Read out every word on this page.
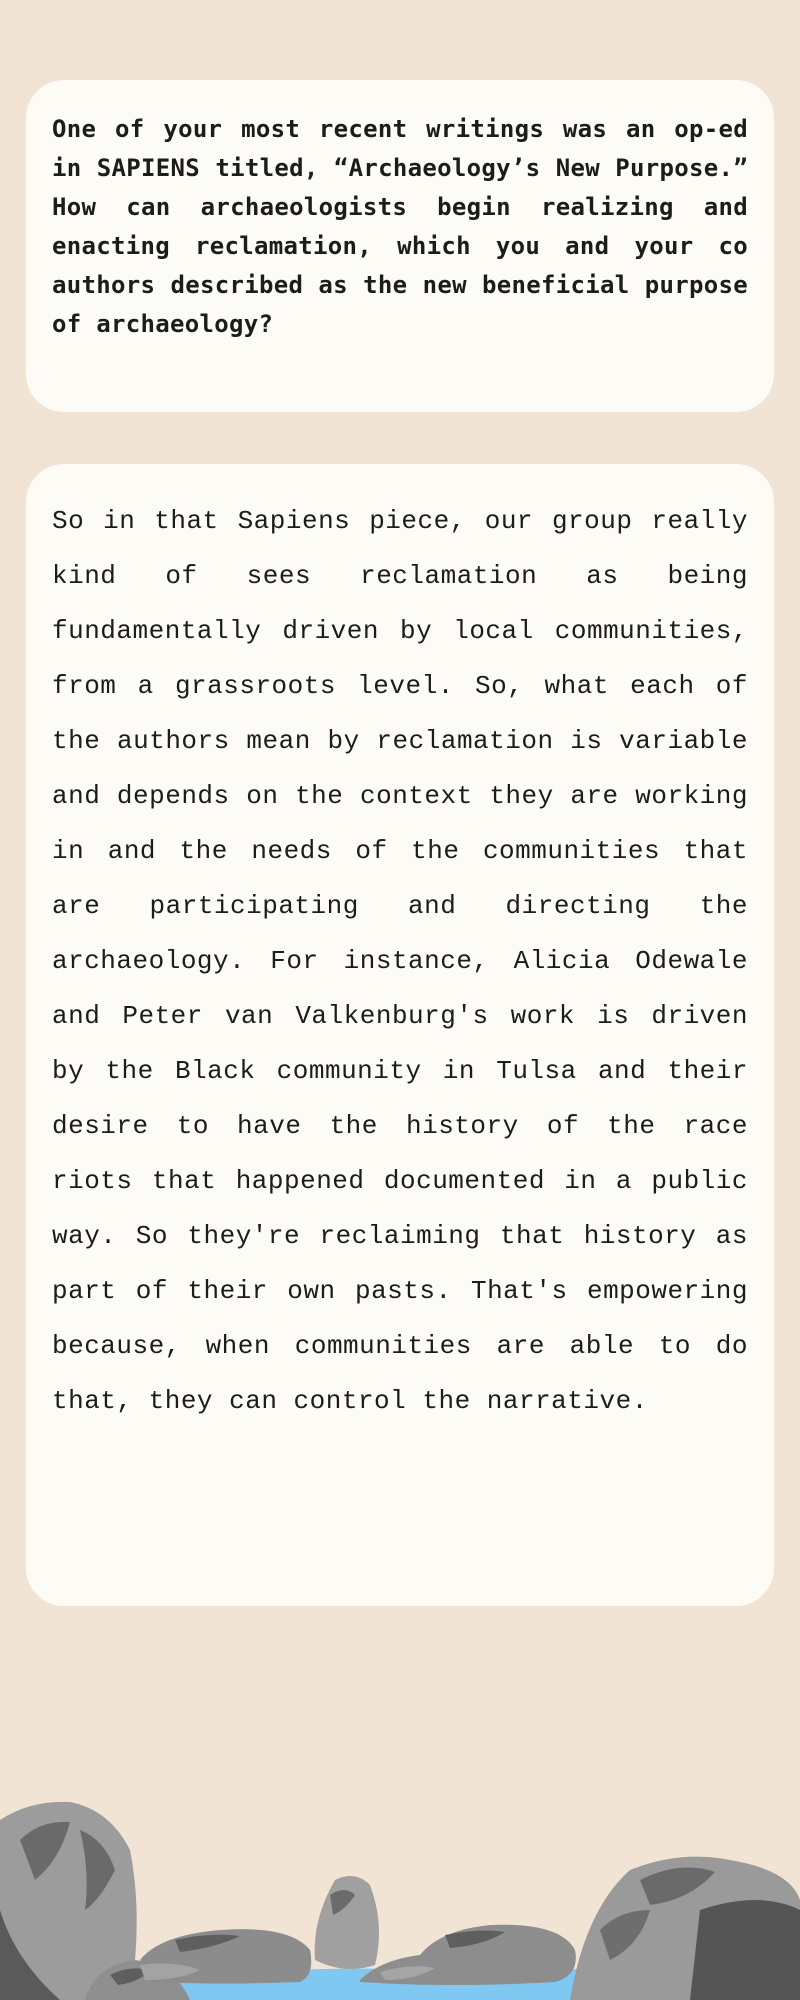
One of your most recent writings was an op-ed in SAPIENS titled, “Archaeology’s New Purpose.” How can archaeologists begin realizing and enacting reclamation, which you and your co authors described as the new beneficial purpose of archaeology?

So in that Sapiens piece, our group really kind of sees reclamation as being fundamentally driven by local communities, from a grassroots level. So, what each of the authors mean by reclamation is variable and depends on the context they are working in and the needs of the communities that are participating and directing the archaeology. For instance, Alicia Odewale and Peter van Valkenburg's work is driven by the Black community in Tulsa and their desire to have the history of the race riots that happened documented in a public way. So they're reclaiming that history as part of their own pasts. That's empowering because, when communities are able to do that, they can control the narrative.
